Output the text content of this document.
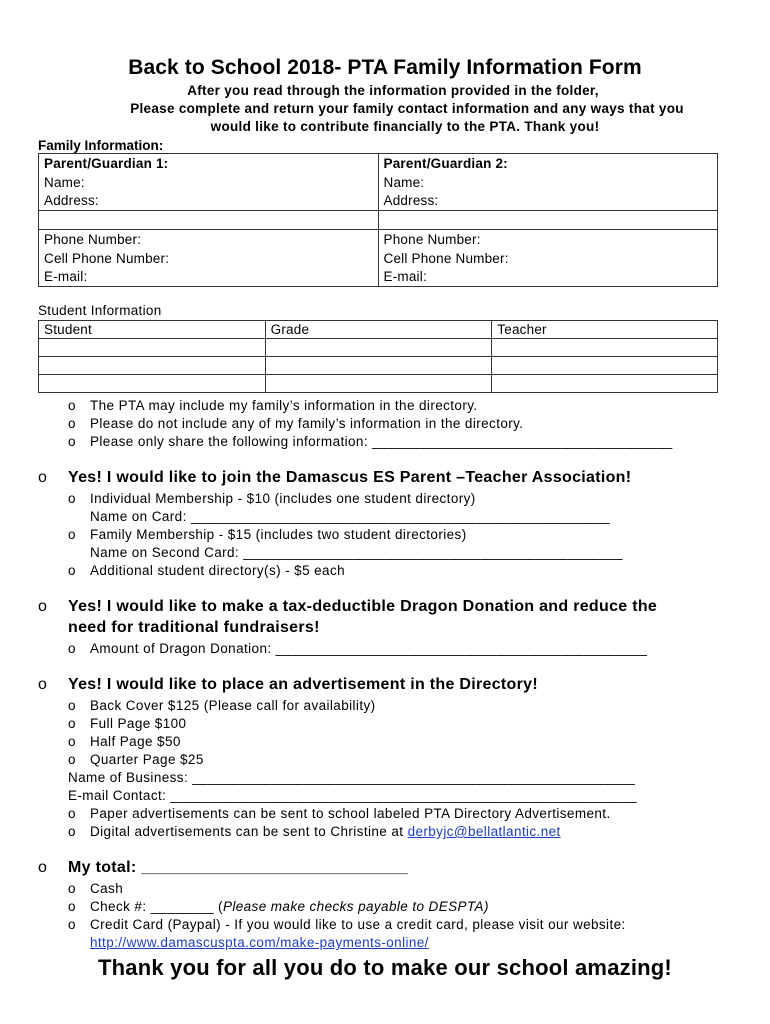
Back to School 2018- PTA Family Information Form
After you read through the information provided in the folder,
Please complete and return your family contact information and any ways that you
would like to contribute financially to the PTA. Thank you!
Family Information:
Parent/Guardian 1:	Parent/Guardian 2:
Name:	Name:
Address:	Address:

Phone Number:	Phone Number:
Cell Phone Number:	Cell Phone Number:
E-mail:	E-mail:
Student Information
Student	Grade	Teacher

o The PTA may include my family’s information in the directory.
o Please do not include any of my family’s information in the directory.
o Please only share the following information: ______________________________________
o Yes! I would like to join the Damascus ES Parent –Teacher Association!
o Individual Membership - $10 (includes one student directory)
Name on Card: _____________________________________________________
o Family Membership - $15 (includes two student directories)
Name on Second Card: ________________________________________________
o Additional student directory(s) - $5 each
o Yes! I would like to make a tax-deductible Dragon Donation and reduce the
need for traditional fundraisers!
o Amount of Dragon Donation: _______________________________________________
o Yes! I would like to place an advertisement in the Directory!
o Back Cover $125 (Please call for availability)
o Full Page $100
o Half Page $50
o Quarter Page $25
Name of Business: ________________________________________________________
E-mail Contact: ___________________________________________________________
o Paper advertisements can be sent to school labeled PTA Directory Advertisement.
o Digital advertisements can be sent to Christine at derbyjc@bellatlantic.net
o My total: _____________________________
o Cash
o Check #: ________ (Please make checks payable to DESPTA)
o Credit Card (Paypal) - If you would like to use a credit card, please visit our website:
http://www.damascuspta.com/make-payments-online/
Thank you for all you do to make our school amazing!
